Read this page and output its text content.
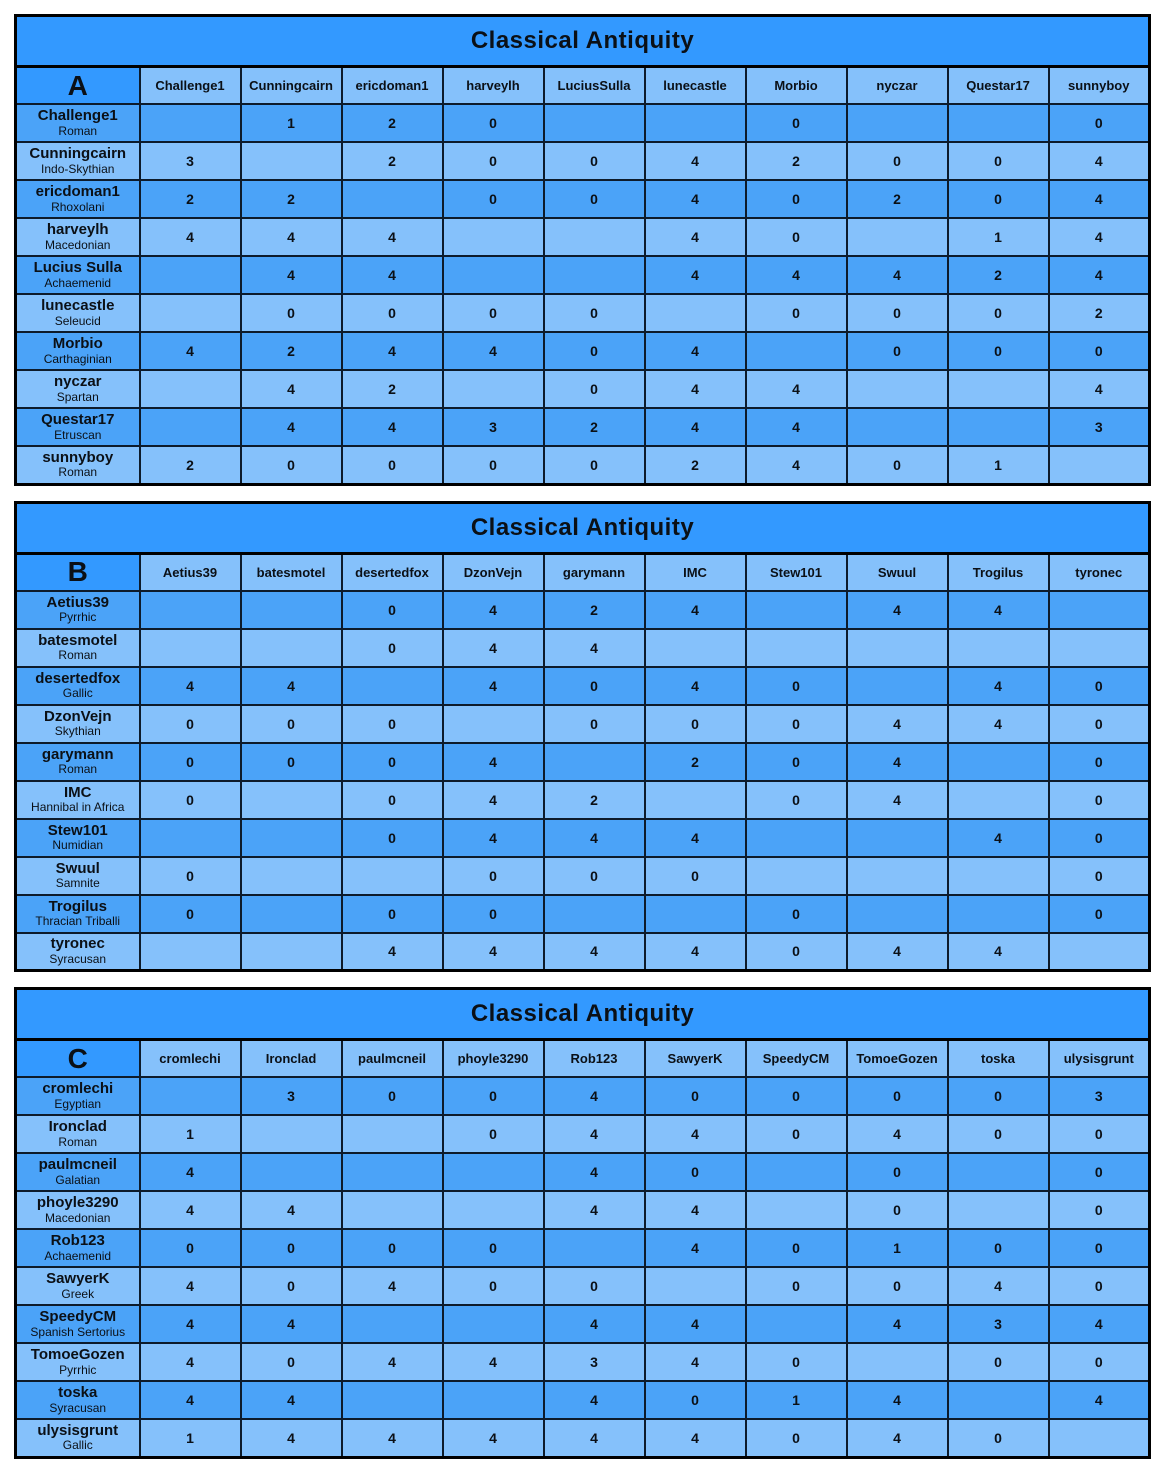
Classical Antiquity										
A	Challenge1	Cunningcairn	ericdoman1	harveylh	LuciusSulla	lunecastle	Morbio	nyczar	Questar17	sunnyboy

Challenge1
Roman		1	2	0			0			0

Cunningcairn
Indo-Skythian	3		2	0	0	4	2	0	0	4

ericdoman1
Rhoxolani	2	2		0	0	4	0	2	0	4

harveylh
Macedonian	4	4	4			4	0		1	4

Lucius Sulla
Achaemenid		4	4			4	4	4	2	4

lunecastle
Seleucid		0	0	0	0		0	0	0	2

Morbio
Carthaginian	4	2	4	4	0	4		0	0	0

nyczar
Spartan		4	2		0	4	4			4

Questar17
Etruscan		4	4	3	2	4	4			3

sunnyboy
Roman	2	0	0	0	0	2	4	0	1	
Classical Antiquity										
B	Aetius39	batesmotel	desertedfox	DzonVejn	garymann	IMC	Stew101	Swuul	Trogilus	tyronec

Aetius39
Pyrrhic			0	4	2	4		4	4	

batesmotel
Roman			0	4	4					

desertedfox
Gallic	4	4		4	0	4	0		4	0

DzonVejn
Skythian	0	0	0		0	0	0	4	4	0

garymann
Roman	0	0	0	4		2	0	4		0

IMC
Hannibal in Africa	0		0	4	2		0	4		0

Stew101
Numidian			0	4	4	4			4	0

Swuul
Samnite	0			0	0	0				0

Trogilus
Thracian Triballi	0		0	0			0			0

tyronec
Syracusan			4	4	4	4	0	4	4	
Classical Antiquity										
C	cromlechi	Ironclad	paulmcneil	phoyle3290	Rob123	SawyerK	SpeedyCM	TomoeGozen	toska	ulysisgrunt

cromlechi
Egyptian		3	0	0	4	0	0	0	0	3

Ironclad
Roman	1			0	4	4	0	4	0	0

paulmcneil
Galatian	4				4	0		0		0

phoyle3290
Macedonian	4	4			4	4		0		0

Rob123
Achaemenid	0	0	0	0		4	0	1	0	0

SawyerK
Greek	4	0	4	0	0		0	0	4	0

SpeedyCM
Spanish Sertorius	4	4			4	4		4	3	4

TomoeGozen
Pyrrhic	4	0	4	4	3	4	0		0	0

toska
Syracusan	4	4			4	0	1	4		4

ulysisgrunt
Gallic	1	4	4	4	4	4	0	4	0	
